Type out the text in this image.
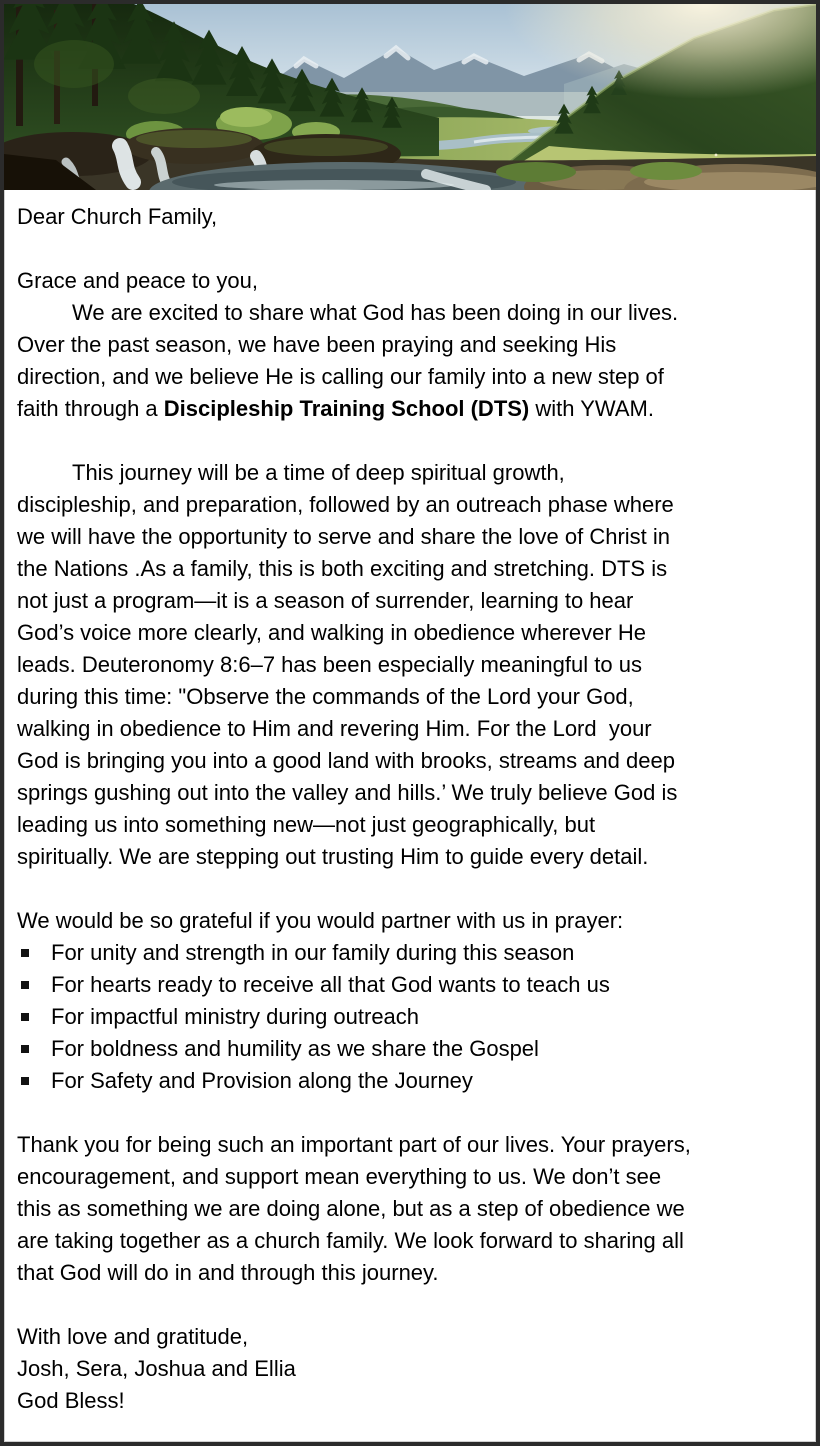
Dear Church Family,
Grace and peace to you,
We are excited to share what God has been doing in our lives.
Over the past season, we have been praying and seeking His
direction, and we believe He is calling our family into a new step of
faith through a Discipleship Training School (DTS) with YWAM.
This journey will be a time of deep spiritual growth,
discipleship, and preparation, followed by an outreach phase where
we will have the opportunity to serve and share the love of Christ in
the Nations .As a family, this is both exciting and stretching. DTS is
not just a program—it is a season of surrender, learning to hear
God’s voice more clearly, and walking in obedience wherever He
leads. Deuteronomy 8:6–7 has been especially meaningful to us
during this time: "Observe the commands of the Lord your God,
walking in obedience to Him and revering Him. For the Lord  your
God is bringing you into a good land with brooks, streams and deep
springs gushing out into the valley and hills.’ We truly believe God is
leading us into something new—not just geographically, but
spiritually. We are stepping out trusting Him to guide every detail.
We would be so grateful if you would partner with us in prayer:
For unity and strength in our family during this season
For hearts ready to receive all that God wants to teach us
For impactful ministry during outreach
For boldness and humility as we share the Gospel
For Safety and Provision along the Journey
Thank you for being such an important part of our lives. Your prayers,
encouragement, and support mean everything to us. We don’t see
this as something we are doing alone, but as a step of obedience we
are taking together as a church family. We look forward to sharing all
that God will do in and through this journey.
With love and gratitude,
Josh, Sera, Joshua and Ellia
God Bless!
